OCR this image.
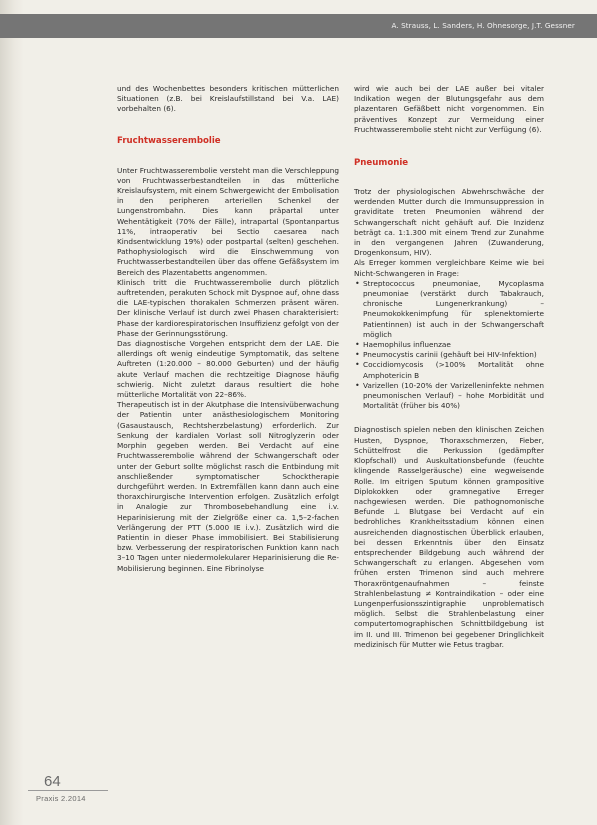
A. Strauss, L. Sanders, H. Ohnesorge, J.T. Gessner

und des Wochenbettes besonders kritischen mütterlichen Situationen (z.B. bei Kreislaufstillstand bei V.a. LAE) vorbehalten (6).

Fruchtwasserembolie

Unter Fruchtwasserembolie versteht man die Verschleppung von Fruchtwasserbestandteilen in das mütterliche Kreislaufsystem, mit einem Schwergewicht der Embolisation in den peripheren arteriellen Schenkel der Lungenstrombahn. Dies kann präpartal unter Wehentätigkeit (70% der Fälle), intrapartal (Spontanpartus 11%, intraoperativ bei Sectio caesarea nach Kindsentwicklung 19%) oder postpartal (selten) geschehen. Pathophysiologisch wird die Einschwemmung von Fruchtwasserbestandteilen über das offene Gefäßsystem im Bereich des Plazentabetts angenommen.

Klinisch tritt die Fruchtwasserembolie durch plötzlich auftretenden, perakuten Schock mit Dyspnoe auf, ohne dass die LAE-typischen thorakalen Schmerzen präsent wären. Der klinische Verlauf ist durch zwei Phasen charakterisiert: Phase der kardiorespiratorischen Insuffizienz gefolgt von der Phase der Gerinnungsstörung.

Das diagnostische Vorgehen entspricht dem der LAE. Die allerdings oft wenig eindeutige Symptomatik, das seltene Auftreten (1:20.000 – 80.000 Geburten) und der häufig akute Verlauf machen die rechtzeitige Diagnose häufig schwierig. Nicht zuletzt daraus resultiert die hohe mütterliche Mortalität von 22–86%.

Therapeutisch ist in der Akutphase die Intensivüberwachung der Patientin unter anästhesiologischem Monitoring (Gasaustausch, Rechtsherzbelastung) erforderlich. Zur Senkung der kardialen Vorlast soll Nitroglyzerin oder Morphin gegeben werden. Bei Verdacht auf eine Fruchtwasserembolie während der Schwangerschaft oder unter der Geburt sollte möglichst rasch die Entbindung mit anschließender symptomatischer Schocktherapie durchgeführt werden. In Extremfällen kann dann auch eine thoraxchirurgische Intervention erfolgen. Zusätzlich erfolgt in Analogie zur Thrombosebehandlung eine i.v. Heparinisierung mit der Zielgröße einer ca. 1,5–2-fachen Verlängerung der PTT (5.000 IE i.v.). Zusätzlich wird die Patientin in dieser Phase immobilisiert. Bei Stabilisierung bzw. Verbesserung der respiratorischen Funktion kann nach 3–10 Tagen unter niedermolekularer Heparinisierung die Re-Mobilisierung beginnen. Eine Fibrinolyse

wird wie auch bei der LAE außer bei vitaler Indikation wegen der Blutungsgefahr aus dem plazentaren Gefäßbett nicht vorgenommen. Ein präventives Konzept zur Vermeidung einer Fruchtwasserembolie steht nicht zur Verfügung (6).

Pneumonie

Trotz der physiologischen Abwehrschwäche der werdenden Mutter durch die Immunsuppression in graviditate treten Pneumonien während der Schwangerschaft nicht gehäuft auf. Die Inzidenz beträgt ca. 1:1.300 mit einem Trend zur Zunahme in den vergangenen Jahren (Zuwanderung, Drogenkonsum, HIV).

Als Erreger kommen vergleichbare Keime wie bei Nicht-Schwangeren in Frage:

• Streptococcus pneumoniae, Mycoplasma pneumoniae (verstärkt durch Tabakrauch, chronische Lungenerkrankung) – Pneumokokkenimpfung für splenektomierte Patientinnen) ist auch in der Schwangerschaft möglich
• Haemophilus influenzae
• Pneumocystis carinii (gehäuft bei HIV-Infektion)
• Coccidiomycosis (>100% Mortalität ohne Amphotericin B
• Varizellen (10-20% der Varizelleninfekte nehmen pneumonischen Verlauf) – hohe Morbidität und Mortalität (früher bis 40%)

Diagnostisch spielen neben den klinischen Zeichen Husten, Dyspnoe, Thoraxschmerzen, Fieber, Schüttelfrost die Perkussion (gedämpfter Klopfschall) und Auskultationsbefunde (feuchte klingende Rasselgeräusche) eine wegweisende Rolle. Im eitrigen Sputum können grampositive Diplokokken oder gramnegative Erreger nachgewiesen werden. Die pathognomonische Befunde ⊥ Blutgase bei Verdacht auf ein bedrohliches Krankheitsstadium können einen ausreichenden diagnostischen Überblick erlauben, bei dessen Erkenntnis über den Einsatz entsprechender Bildgebung auch während der Schwangerschaft zu erlangen. Abgesehen vom frühen ersten Trimenon sind auch mehrere Thoraxröntgenaufnahmen – feinste Strahlenbelastung ≠ Kontraindikation – oder eine Lungenperfusionsszintigraphie unproblematisch möglich. Selbst die Strahlenbelastung einer computertomographischen Schnittbildgebung ist im II. und III. Trimenon bei gegebener Dringlichkeit medizinisch für Mutter wie Fetus tragbar.

64
Praxis 2.2014
